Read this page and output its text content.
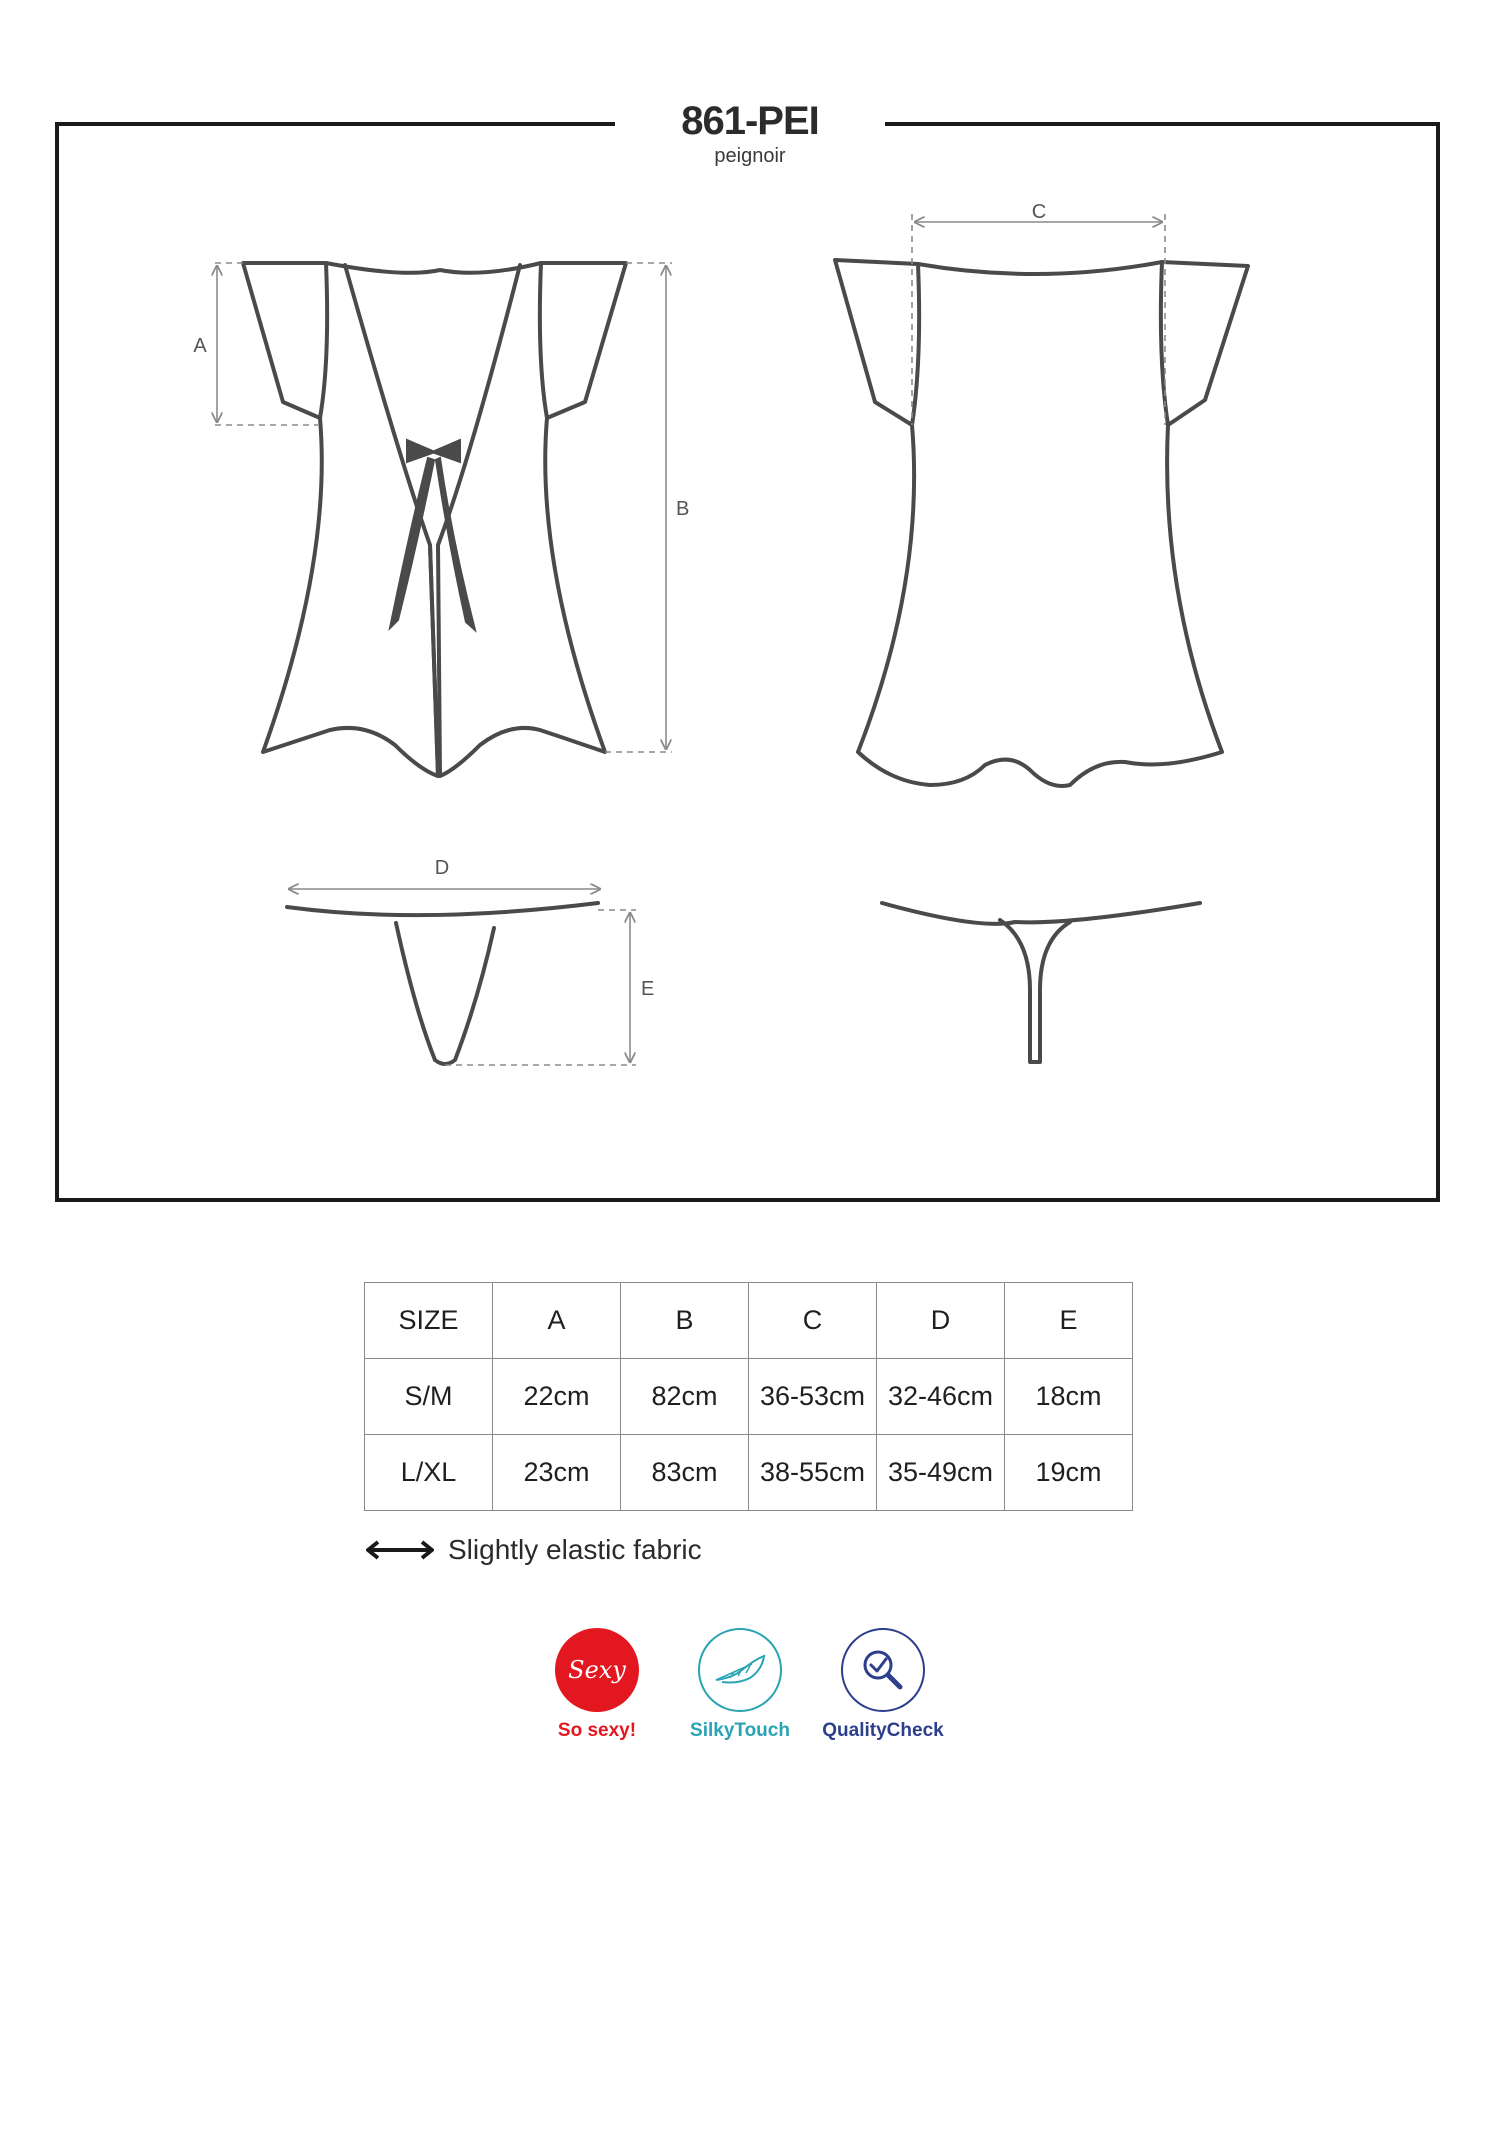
A
B
C
D
E
861-PEI
peignoir
SIZE	A	B	C	D	E
S/M	22cm	82cm	36-53cm	32-46cm	18cm
L/XL	23cm	83cm	38-55cm	35-49cm	19cm
Slightly elastic fabric
Sexy
So sexy!	SilkyTouch	QualityCheck
